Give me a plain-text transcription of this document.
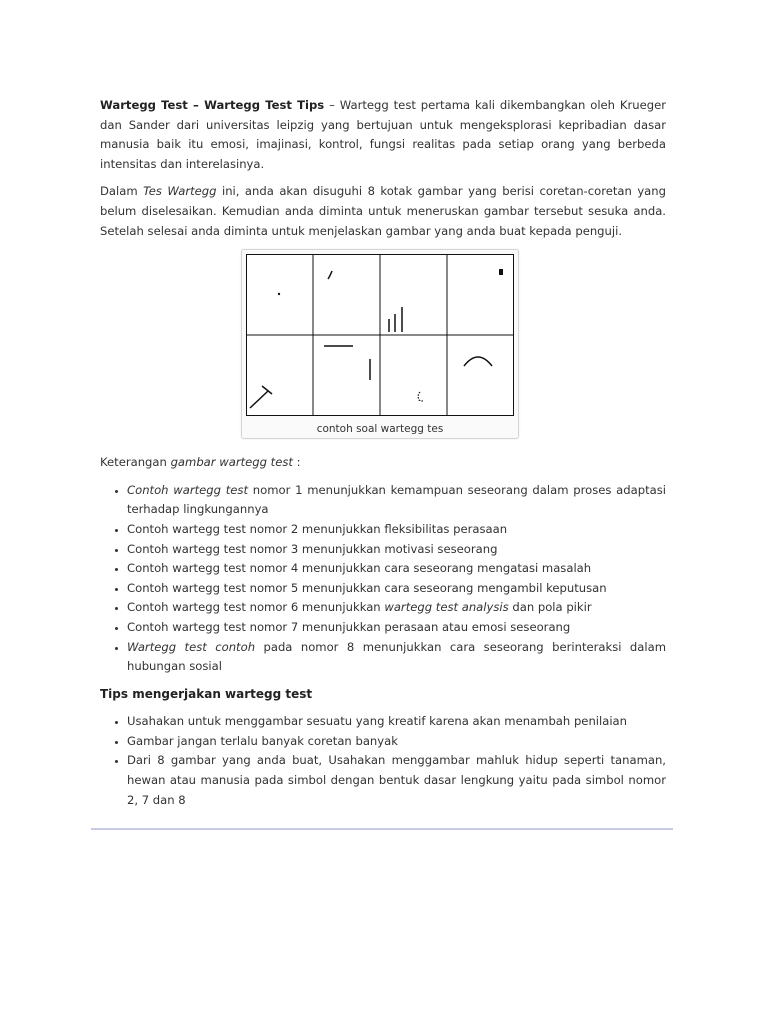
Wartegg Test – Wartegg Test Tips – Wartegg test pertama kali dikembangkan oleh Krueger dan Sander dari universitas leipzig yang bertujuan untuk mengeksplorasi kepribadian dasar manusia baik itu emosi, imajinasi, kontrol, fungsi realitas pada setiap orang yang berbeda intensitas dan interelasinya.

Dalam Tes Wartegg ini, anda akan disuguhi 8 kotak gambar yang berisi coretan-coretan yang belum diselesaikan. Kemudian anda diminta untuk meneruskan gambar tersebut sesuka anda. Setelah selesai anda diminta untuk menjelaskan gambar yang anda buat kepada penguji.

contoh soal wartegg tes

Keterangan gambar wartegg test :

• Contoh wartegg test nomor 1 menunjukkan kemampuan seseorang dalam proses adaptasi terhadap lingkungannya
• Contoh wartegg test nomor 2 menunjukkan fleksibilitas perasaan
• Contoh wartegg test nomor 3 menunjukkan motivasi seseorang
• Contoh wartegg test nomor 4 menunjukkan cara seseorang mengatasi masalah
• Contoh wartegg test nomor 5 menunjukkan cara seseorang mengambil keputusan
• Contoh wartegg test nomor 6 menunjukkan wartegg test analysis dan pola pikir
• Contoh wartegg test nomor 7 menunjukkan perasaan atau emosi seseorang
• Wartegg test contoh pada nomor 8 menunjukkan cara seseorang berinteraksi dalam hubungan sosial
Tips mengerjakan wartegg test
• Usahakan untuk menggambar sesuatu yang kreatif karena akan menambah penilaian
• Gambar jangan terlalu banyak coretan banyak
• Dari 8 gambar yang anda buat, Usahakan menggambar mahluk hidup seperti tanaman, hewan atau manusia pada simbol dengan bentuk dasar lengkung yaitu pada simbol nomor 2, 7 dan 8
